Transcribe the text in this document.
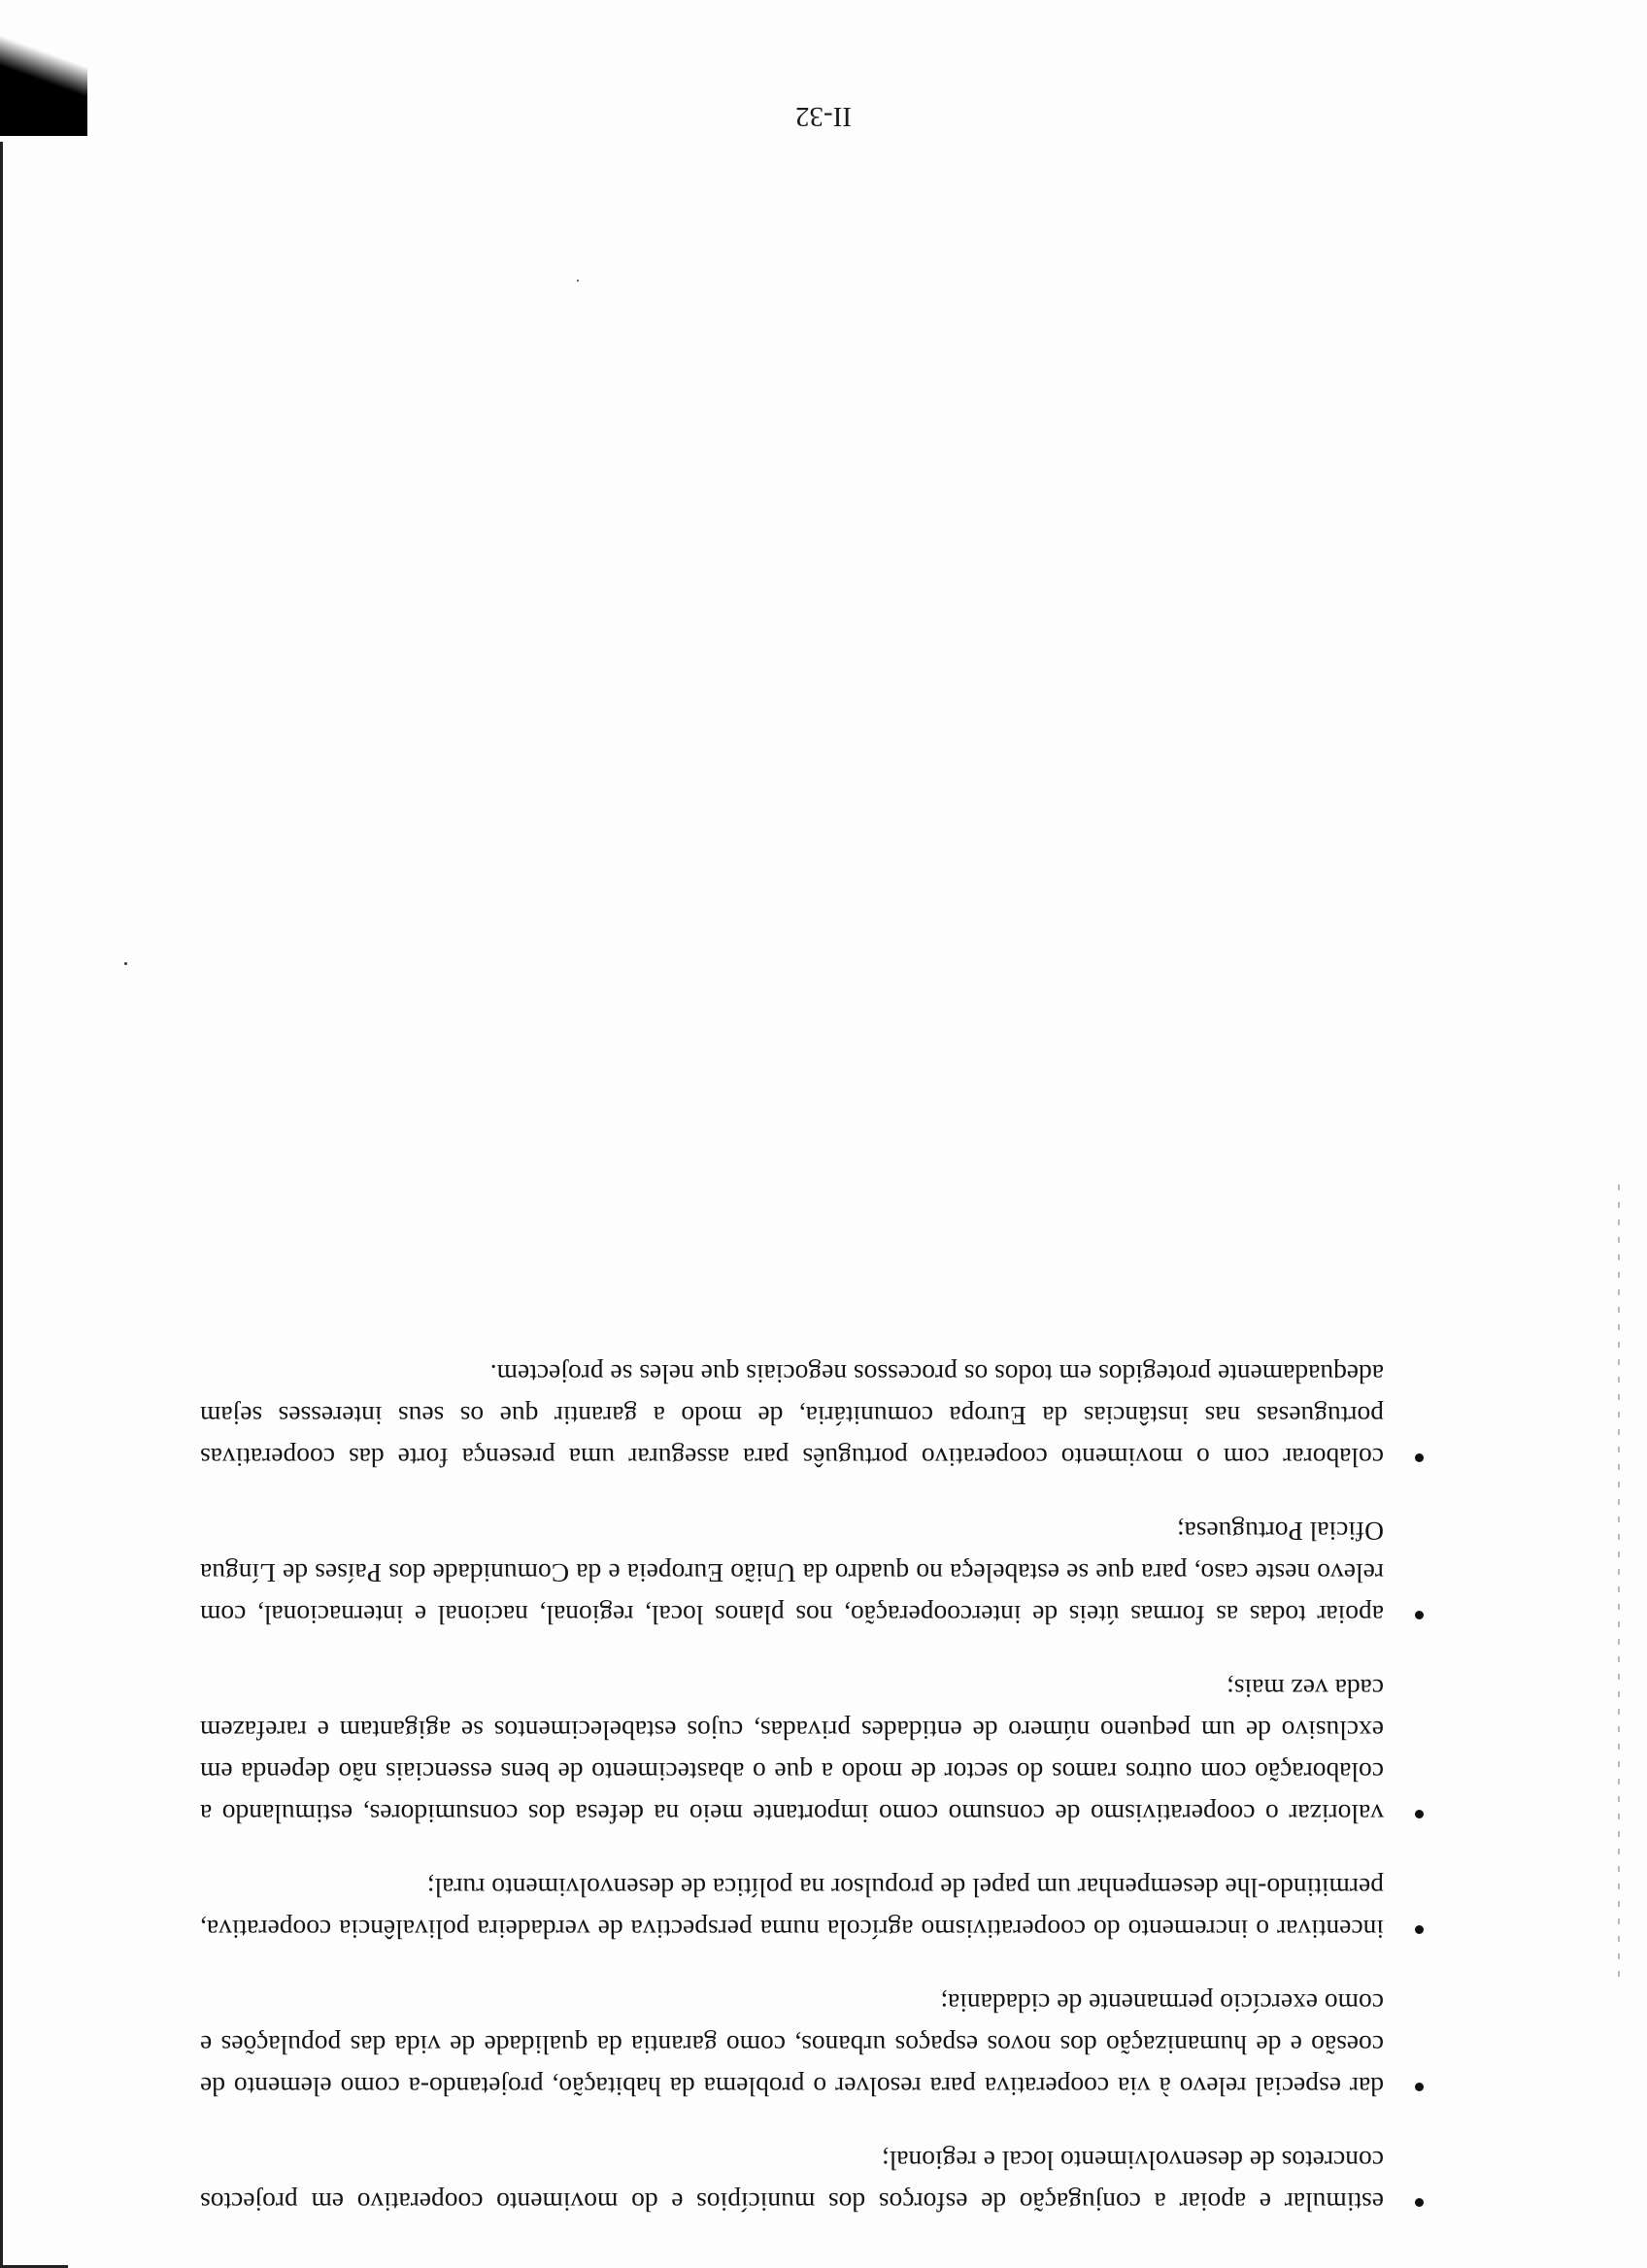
estimular e apoiar a conjugação de esforços dos municípios e do movimento cooperativo em projectos concretos de desenvolvimento local e regional;

dar especial relevo à via cooperativa para resolver o problema da habitação, projetando-a como elemento de coesão e de humanização dos novos espaços urbanos, como garantia da qualidade de vida das populações e como exercício permanente de cidadania;

incentivar o incremento do cooperativismo agrícola numa perspectiva de verdadeira polivalência cooperativa, permitindo-lhe desempenhar um papel de propulsor na política de desenvolvimento rural;

valorizar o cooperativismo de consumo como importante meio na defesa dos consumidores, estimulando a colaboração com outros ramos do sector de modo a que o abastecimento de bens essenciais não dependa em exclusivo de um pequeno número de entidades privadas, cujos estabelecimentos se agigantam e rarefazem cada vez mais;

apoiar todas as formas úteis de intercooperação, nos planos local, regional, nacional e internacional, com relevo neste caso, para que se estabeleça no quadro da União Europeia e da Comunidade dos Países de Língua Oficial Portuguesa;

colaborar com o movimento cooperativo português para assegurar uma presença forte das cooperativas portuguesas nas instâncias da Europa comunitária, de modo a garantir que os seus interesses sejam adequadamente protegidos em todos os processos negociais que neles se projectem.

II-32
